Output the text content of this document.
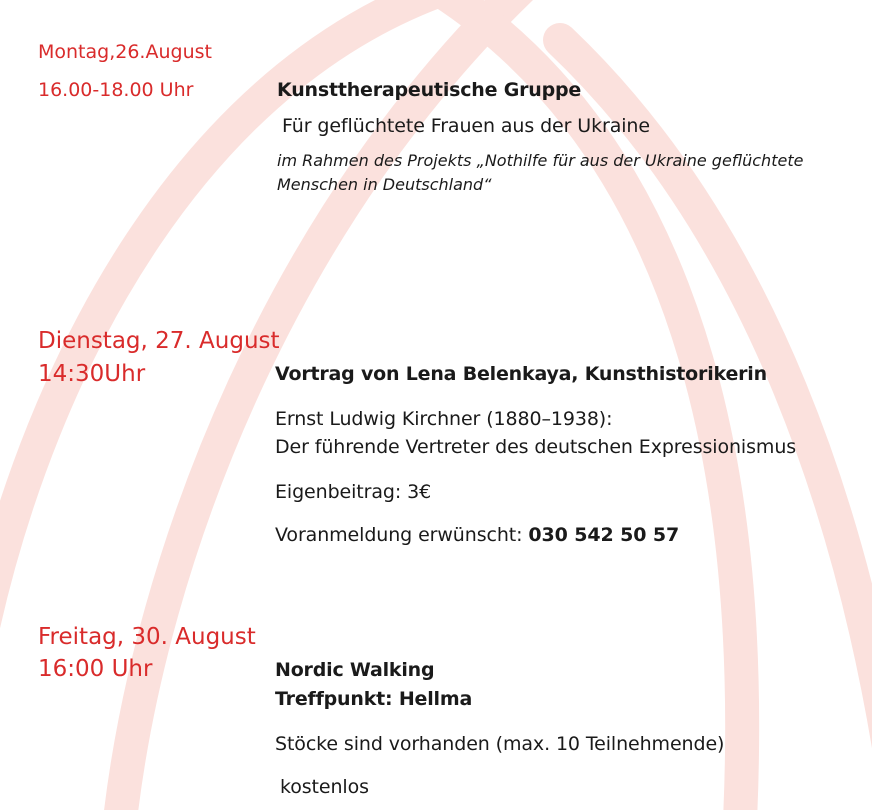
Montag,26.August
16.00-18.00 Uhr	Kunsttherapeutische Gruppe
Für geflüchtete Frauen aus der Ukraine
im Rahmen des Projekts „Nothilfe für aus der Ukraine geflüchtete Menschen in Deutschland“
Dienstag, 27. August
14:30Uhr	Vortrag von Lena Belenkaya, Kunsthistorikerin
Ernst Ludwig Kirchner (1880–1938):
Der führende Vertreter des deutschen Expressionismus
Eigenbeitrag: 3€
Voranmeldung erwünscht: 030 542 50 57
Freitag, 30. August
16:00 Uhr	Nordic Walking
Treffpunkt: Hellma
Stöcke sind vorhanden (max. 10 Teilnehmende)
kostenlos
